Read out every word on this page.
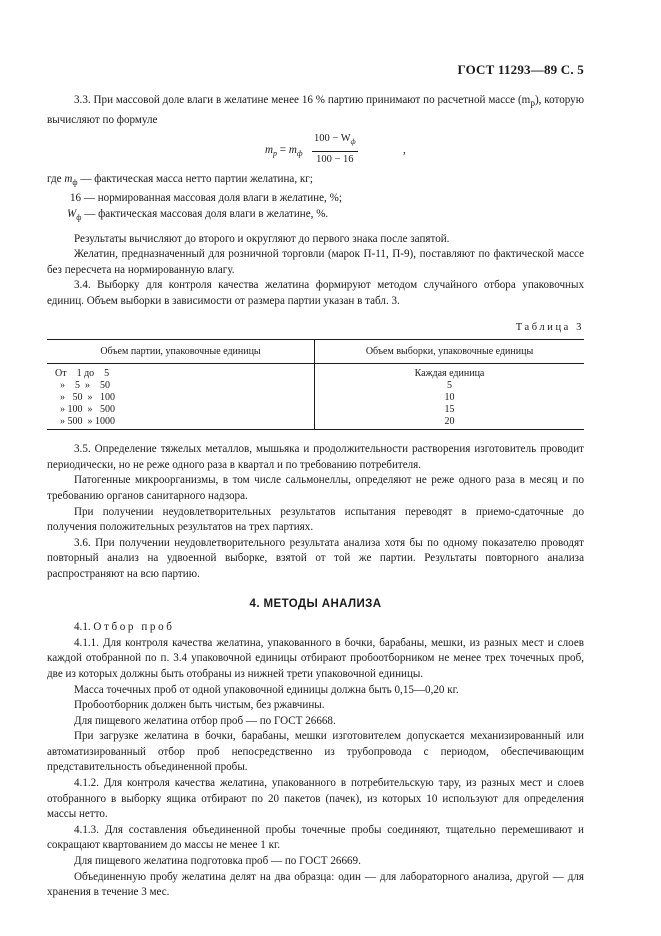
ГОСТ 11293—89 С. 5

3.3. При массовой доле влаги в желатине менее 16 % партию принимают по расчетной массе $(m_р)$, которую вычисляют по формуле

$m_р = m_ф$
$100 - W_ф$
100 − 16
,
где $m_ф$ — фактическая масса нетто партии желатина, кг;
16 — нормированная массовая доля влаги в желатине, %;
$W_ф$ — фактическая массовая доля влаги в желатине, %.

Результаты вычисляют до второго и округляют до первого знака после запятой.

Желатин, предназначенный для розничной торговли (марок П-11, П-9), поставляют по фактической массе без пересчета на нормированную влагу.

3.4. Выборку для контроля качества желатина формируют методом случайного отбора упаковочных единиц. Объем выборки в зависимости от размера партии указан в табл. 3.

Таблица 3
Объем партии, упаковочные единицы	Объем выборки, упаковочные единицы
От    1 до    5	Каждая единица
»    5  »    50	5
»   50  »   100	10
» 100  »   500	15
» 500  » 1000	20

3.5. Определение тяжелых металлов, мышьяка и продолжительности растворения изготовитель проводит периодически, но не реже одного раза в квартал и по требованию потребителя.

Патогенные микроорганизмы, в том числе сальмонеллы, определяют не реже одного раза в месяц и по требованию органов санитарного надзора.

При получении неудовлетворительных результатов испытания переводят в приемо-сдаточные до получения положительных результатов на трех партиях.

3.6. При получении неудовлетворительного результата анализа хотя бы по одному показателю проводят повторный анализ на удвоенной выборке, взятой от той же партии. Результаты повторного анализа распространяют на всю партию.

4. МЕТОДЫ АНАЛИЗА

4.1. Отбор проб

4.1.1. Для контроля качества желатина, упакованного в бочки, барабаны, мешки, из разных мест и слоев каждой отобранной по п. 3.4 упаковочной единицы отбирают пробоотборником не менее трех точечных проб, две из которых должны быть отобраны из нижней трети упаковочной единицы.

Масса точечных проб от одной упаковочной единицы должна быть 0,15—0,20 кг.

Пробоотборник должен быть чистым, без ржавчины.

Для пищевого желатина отбор проб — по ГОСТ 26668.

При загрузке желатина в бочки, барабаны, мешки изготовителем допускается механизированный или автоматизированный отбор проб непосредственно из трубопровода с периодом, обеспечивающим представительность объединенной пробы.

4.1.2. Для контроля качества желатина, упакованного в потребительскую тару, из разных мест и слоев отобранного в выборку ящика отбирают по 20 пакетов (пачек), из которых 10 используют для определения массы нетто.

4.1.3. Для составления объединенной пробы точечные пробы соединяют, тщательно перемешивают и сокращают квартованием до массы не менее 1 кг.

Для пищевого желатина подготовка проб — по ГОСТ 26669.

Объединенную пробу желатина делят на два образца: один — для лабораторного анализа, другой — для хранения в течение 3 мес.
